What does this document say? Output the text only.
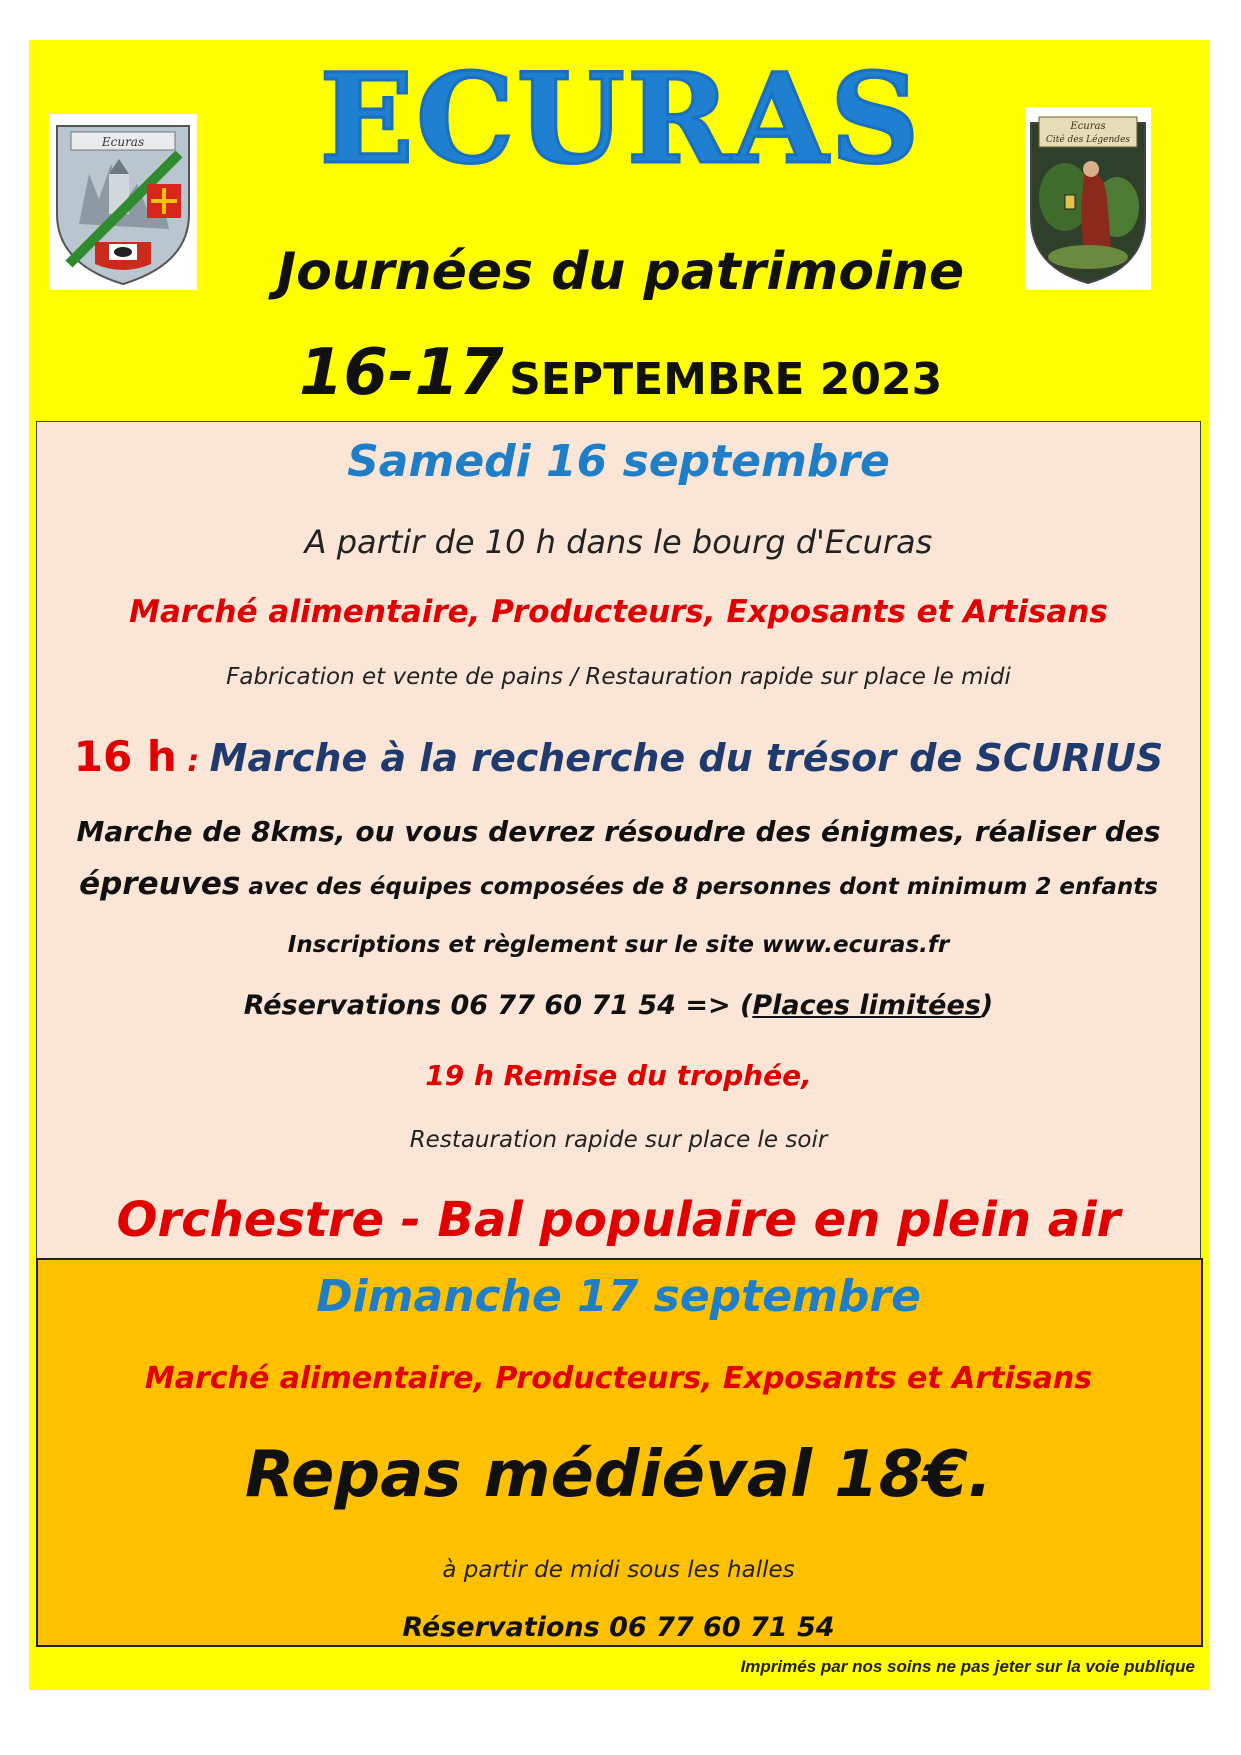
Ecuras
Ecuras
Cité des Légendes
ECURAS
Journées du patrimoine
16-17 SEPTEMBRE 2023
Samedi 16 septembre
A partir de 10 h dans le bourg d'Ecuras
Marché alimentaire, Producteurs, Exposants et Artisans
Fabrication et vente de pains / Restauration rapide sur place le midi
16 h : Marche à la recherche du trésor de SCURIUS
Marche de 8kms, ou vous devrez résoudre des énigmes, réaliser des
épreuves avec des équipes composées de 8 personnes dont minimum 2 enfants
Inscriptions et règlement sur le site www.ecuras.fr
Réservations 06 77 60 71 54 => (Places limitées)
19 h Remise du trophée,
Restauration rapide sur place le soir
Orchestre - Bal populaire en plein air
Dimanche 17 septembre
Marché alimentaire, Producteurs, Exposants et Artisans
Repas médiéval 18€.
à partir de midi sous les halles
Réservations 06 77 60 71 54
Imprimés par nos soins ne pas jeter sur la voie publique
